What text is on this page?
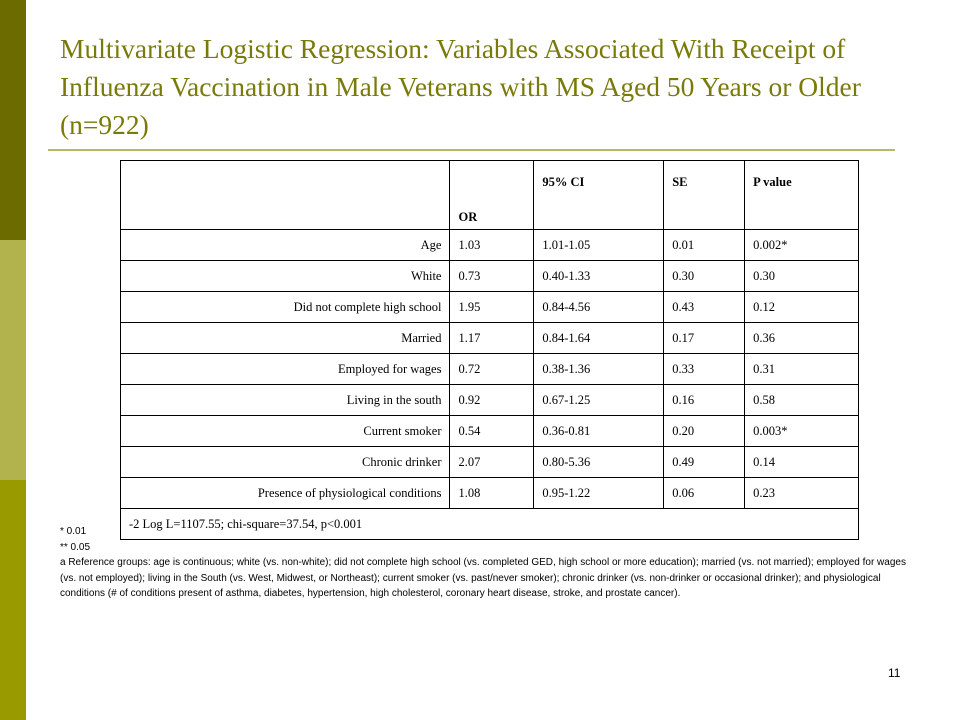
Multivariate Logistic Regression: Variables Associated With Receipt of Influenza Vaccination in Male Veterans with MS Aged 50 Years or Older (n=922)
	OR	95% CI	SE	P value
Age	1.03	1.01-1.05	0.01	0.002*
White	0.73	0.40-1.33	0.30	0.30
Did not complete high school	1.95	0.84-4.56	0.43	0.12
Married	1.17	0.84-1.64	0.17	0.36
Employed for wages	0.72	0.38-1.36	0.33	0.31
Living in the south	0.92	0.67-1.25	0.16	0.58
Current smoker	0.54	0.36-0.81	0.20	0.003*
Chronic drinker	2.07	0.80-5.36	0.49	0.14
Presence of physiological conditions	1.08	0.95-1.22	0.06	0.23
-2 Log L=1107.55; chi-square=37.54, p<0.001				

* 0.01

** 0.05

a Reference groups: age is continuous; white (vs. non-white); did not complete high school (vs. completed GED, high school or more education); married (vs. not married); employed for wages (vs. not employed); living in the South (vs. West, Midwest, or Northeast); current smoker (vs. past/never smoker); chronic drinker (vs. non-drinker or occasional drinker); and physiological conditions (# of conditions present of asthma, diabetes, hypertension, high cholesterol, coronary heart disease, stroke, and prostate cancer).

11
